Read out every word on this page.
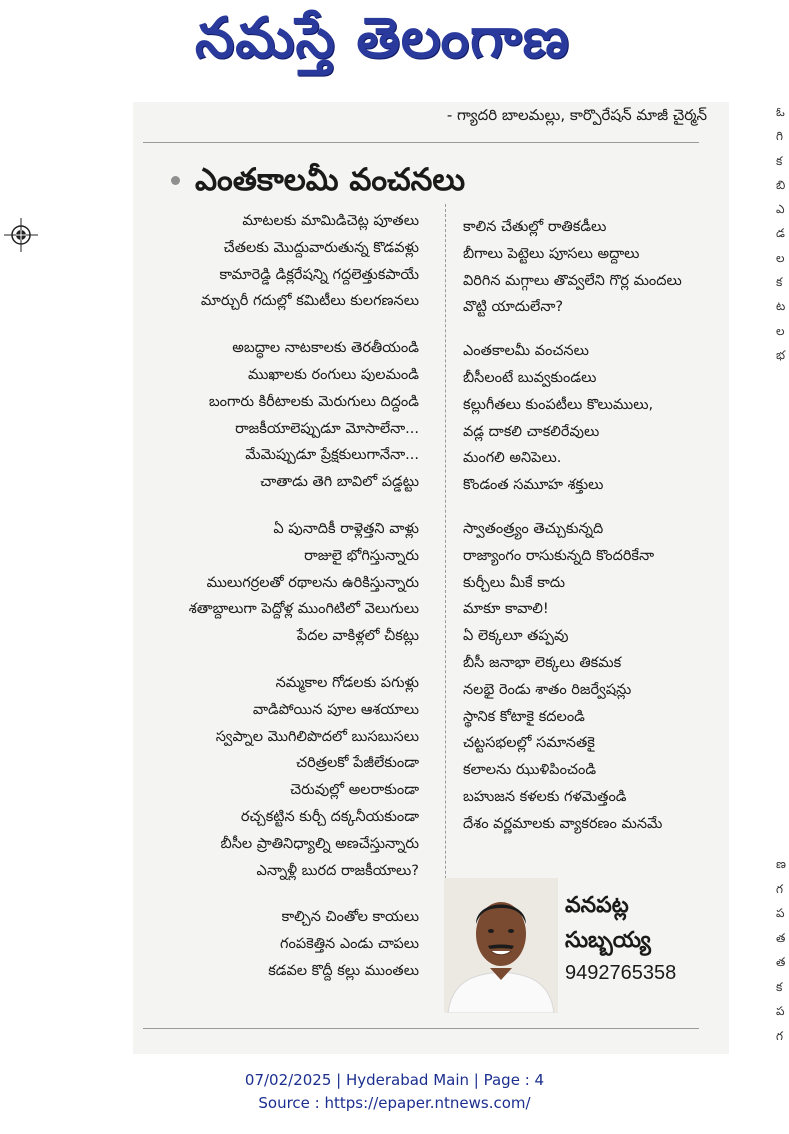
నమస్తే తెలంగాణ
- గ్యాదరి బాలమల్లు, కార్పొరేషన్ మాజీ చైర్మన్
ఎంతకాలమీ వంచనలు
మాటలకు మామిడిచెట్ల పూతలు
చేతలకు మొద్దువారుతున్న కొడవళ్లు
కామారెడ్డి డిక్లరేషన్ని గద్దలెత్తుకపాయే
మార్చురీ గదుల్లో కమిటీలు కులగణనలు
అబద్ధాల నాటకాలకు తెరతీయండి
ముఖాలకు రంగులు పులమండి
బంగారు కిరీటాలకు మెరుగులు దిద్దండి
రాజకీయాలెప్పుడూ మోసాలేనా...
మేమెప్పుడూ ప్రేక్షకులుగానేనా...
చాతాడు తెగి బావిలో పడ్డట్టు
ఏ పునాదికీ రాళ్లెత్తని వాళ్లు
రాజులై భోగిస్తున్నారు
ములుగర్రలతో రథాలను ఉరికిస్తున్నారు
శతాబ్దాలుగా పెద్దోళ్ల ముంగిటిలో వెలుగులు
పేదల వాకిళ్లలో చీకట్లు
నమ్మకాల గోడలకు పగుళ్లు
వాడిపోయిన పూల ఆశయాలు
స్వప్నాల మొగిలిపొదలో బుసబుసలు
చరిత్రలకో పేజీలేకుండా
చెరువుల్లో అలరాకుండా
రచ్చకట్టిన కుర్చీ దక్కనీయకుండా
బీసీల ప్రాతినిధ్యాల్ని అణచేస్తున్నారు
ఎన్నాళ్లీ బురద రాజకీయాలు?
కాల్చిన చింతోల కాయలు
గంపకెత్తిన ఎండు చాపలు
కడవల కొద్దీ కల్లు ముంతలు
కాలిన చేతుల్లో రాతికడీలు
బీగాలు పెట్టెలు పూసలు అద్దాలు
విరిగిన మగ్గాలు తొవ్వలేని గొర్ల మందలు
వొట్టి యాదులేనా?
ఎంతకాలమీ వంచనలు
బీసీలంటే బువ్వకుండలు
కల్లుగీతలు కుంపటీలు కొలుములు,
వడ్ల దాకలి చాకలిరేవులు
మంగలి అనిపెలు.
కొండంత సమూహ శక్తులు
స్వాతంత్ర్యం తెచ్చుకున్నది
రాజ్యాంగం రాసుకున్నది కొందరికేనా
కుర్చీలు మీకే కాదు
మాకూ కావాలి!
ఏ లెక్కలూ తప్పవు
బీసీ జనాభా లెక్కలు తికమక
నలభై రెండు శాతం రిజర్వేషన్లు
స్థానిక కోటాకై కదలండి
చట్టసభలల్లో సమానతకై
కలాలను ఝుళిపించండి
బహుజన కళలకు గళమెత్తండి
దేశం వర్ణమాలకు వ్యాకరణం మనమే
వనపట్ల
సుబ్బయ్య
9492765358
ఓ
గి
క
బి
ఎ
డ
ల
క
ట
ల
భ
ణ
గ
ప
త
త
క
ప
గ
07/02/2025 | Hyderabad Main | Page : 4
Source : https://epaper.ntnews.com/
